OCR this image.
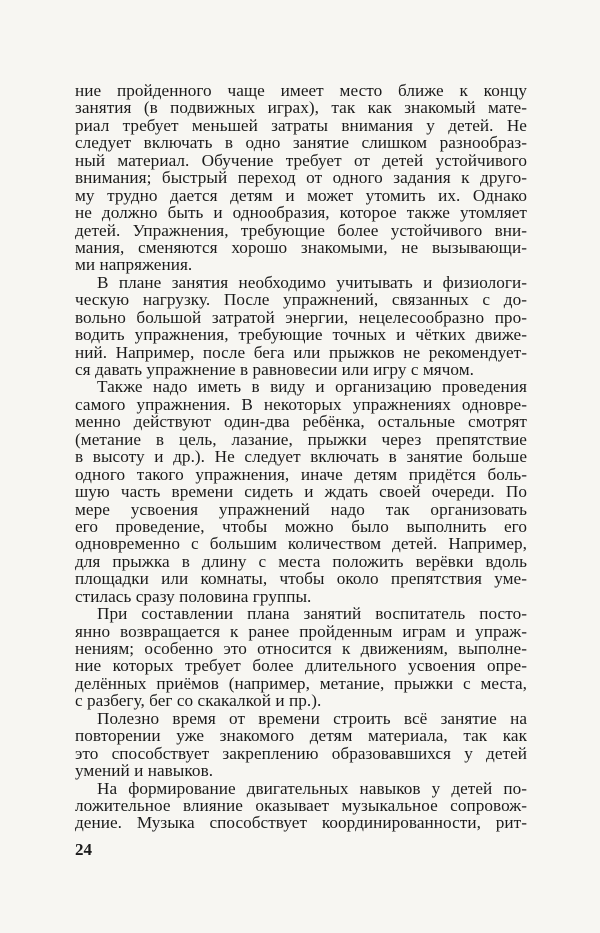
ние пройденного чаще имеет место ближе к концу
занятия (в подвижных играх), так как знакомый мате-
риал требует меньшей затраты внимания у детей. Не
следует включать в одно занятие слишком разнообраз-
ный материал. Обучение требует от детей устойчивого
внимания; быстрый переход от одного задания к друго-
му трудно дается детям и может утомить их. Однако
не должно быть и однообразия, которое также утомляет
детей. Упражнения, требующие более устойчивого вни-
мания, сменяются хорошо знакомыми, не вызывающи-
ми напряжения.
В плане занятия необходимо учитывать и физиологи-
ческую нагрузку. После упражнений, связанных с до-
вольно большой затратой энергии, нецелесообразно про-
водить упражнения, требующие точных и чётких движе-
ний. Например, после бега или прыжков не рекомендует-
ся давать упражнение в равновесии или игру с мячом.
Также надо иметь в виду и организацию проведения
самого упражнения. В некоторых упражнениях одновре-
менно действуют один-два ребёнка, остальные смотрят
(метание в цель, лазание, прыжки через препятствие
в высоту и др.). Не следует включать в занятие больше
одного такого упражнения, иначе детям придётся боль-
шую часть времени сидеть и ждать своей очереди. По
мере усвоения упражнений надо так организовать
его проведение, чтобы можно было выполнить его
одновременно с большим количеством детей. Например,
для прыжка в длину с места положить верёвки вдоль
площадки или комнаты, чтобы около препятствия уме-
стилась сразу половина группы.
При составлении плана занятий воспитатель посто-
янно возвращается к ранее пройденным играм и упраж-
нениям; особенно это относится к движениям, выполне-
ние которых требует более длительного усвоения опре-
делённых приёмов (например, метание, прыжки с места,
с разбегу, бег со скакалкой и пр.).
Полезно время от времени строить всё занятие на
повторении уже знакомого детям материала, так как
это способствует закреплению образовавшихся у детей
умений и навыков.
На формирование двигательных навыков у детей по-
ложительное влияние оказывает музыкальное сопровож-
дение. Музыка способствует координированности, рит-
24
